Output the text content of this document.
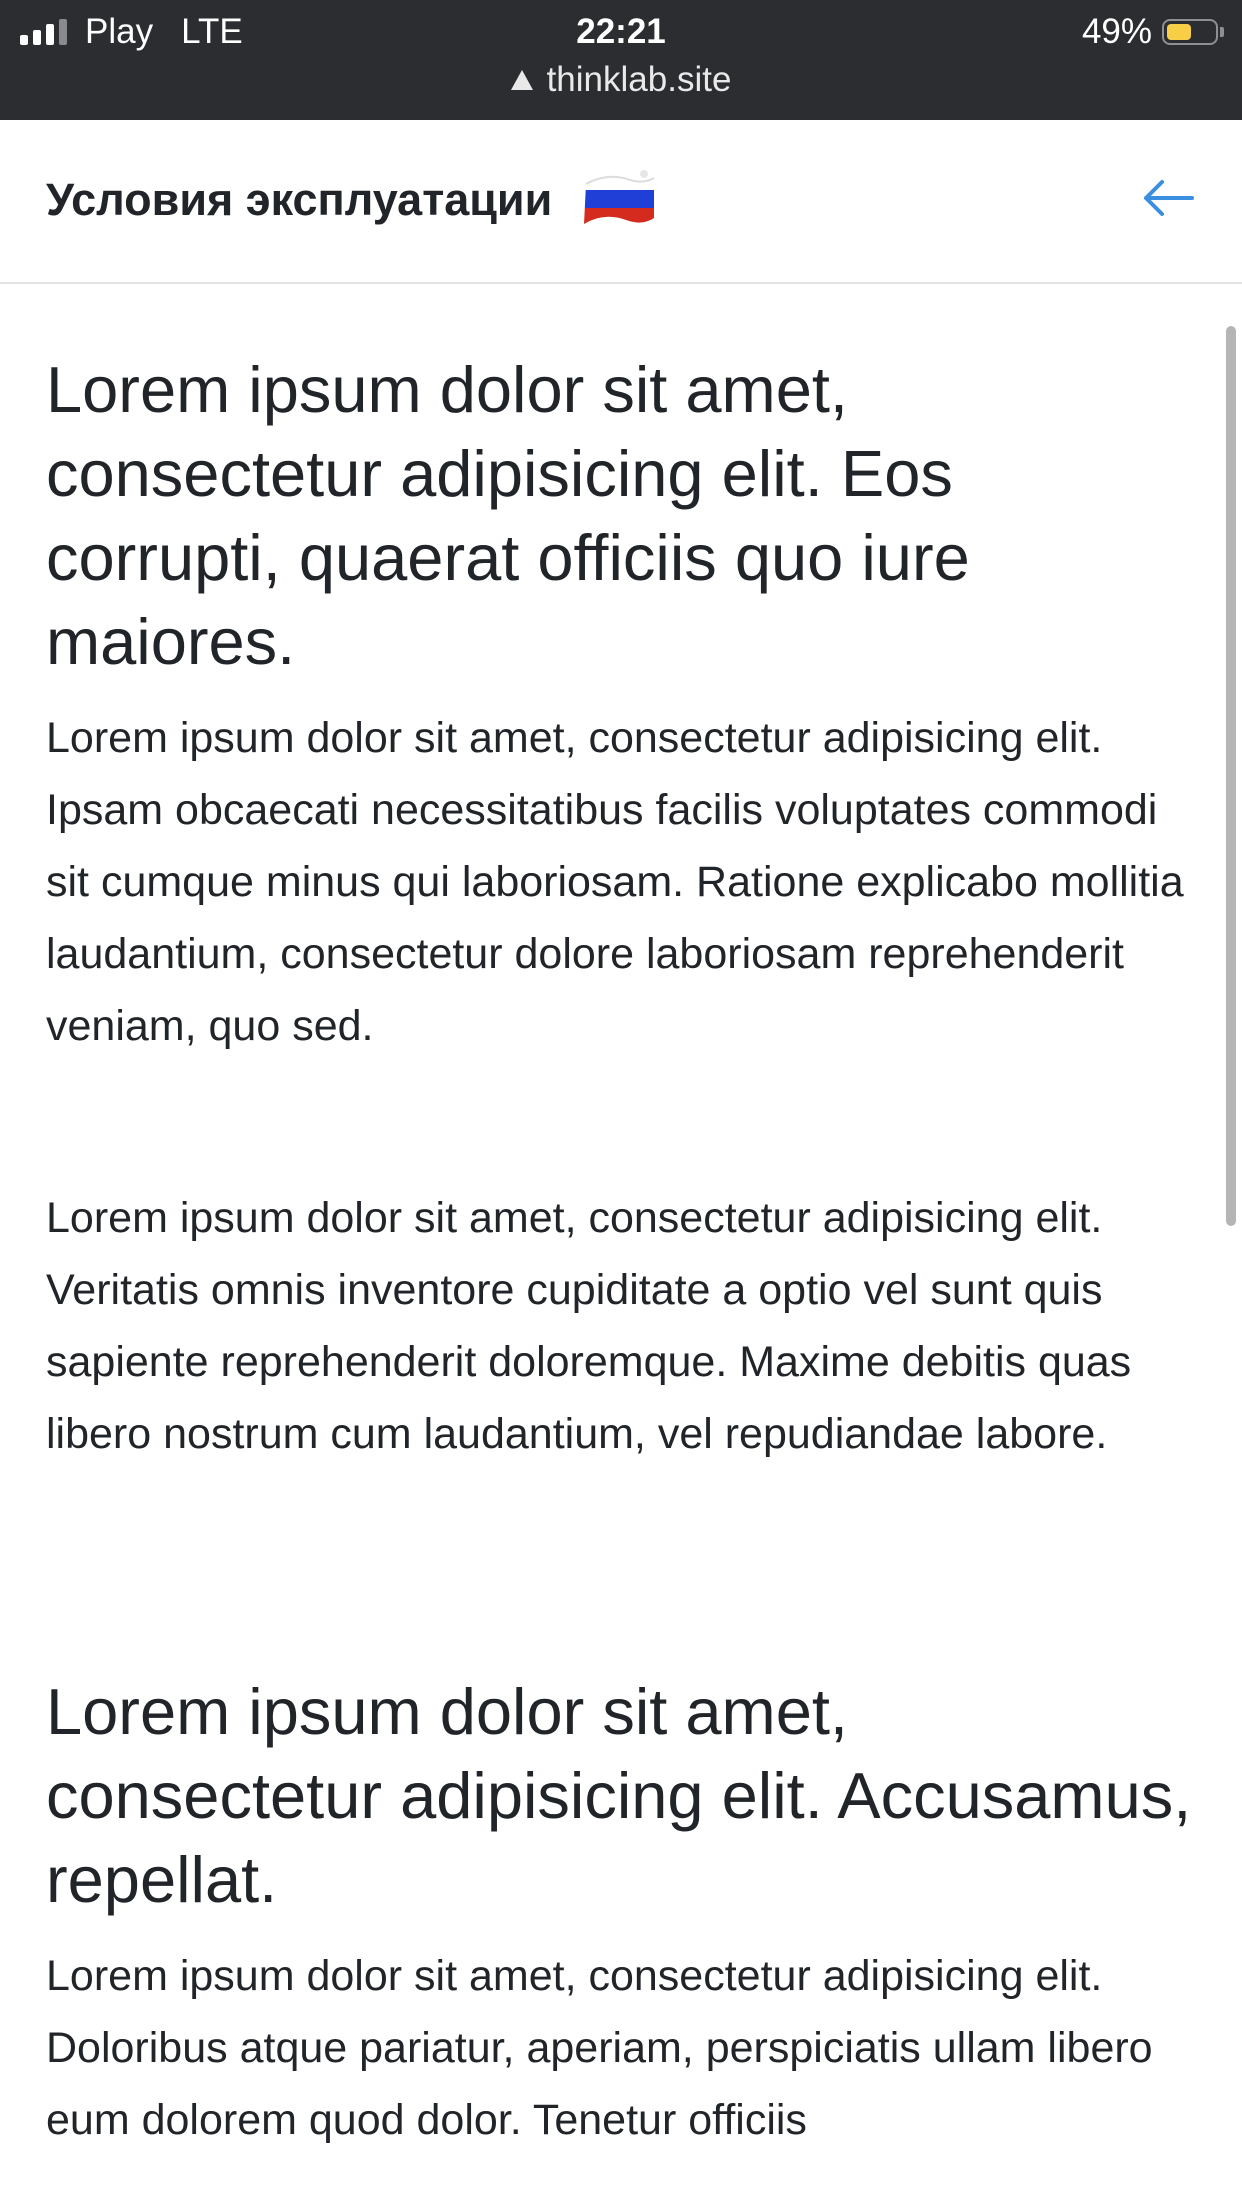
Play LTE	22:21	49%
thinklab.site
Условия эксплуатации
Lorem ipsum dolor sit amet, consectetur adipisicing elit. Eos corrupti, quaerat officiis quo iure maiores.

Lorem ipsum dolor sit amet, consectetur adipisicing elit. Ipsam obcaecati necessitatibus facilis voluptates commodi sit cumque minus qui laboriosam. Ratione explicabo mollitia laudantium, consectetur dolore laboriosam reprehenderit veniam, quo sed.

Lorem ipsum dolor sit amet, consectetur adipisicing elit. Veritatis omnis inventore cupiditate a optio vel sunt quis sapiente reprehenderit doloremque. Maxime debitis quas libero nostrum cum laudantium, vel repudiandae labore.

Lorem ipsum dolor sit amet, consectetur adipisicing elit. Accusamus, repellat.

Lorem ipsum dolor sit amet, consectetur adipisicing elit. Doloribus atque pariatur, aperiam, perspiciatis ullam libero eum dolorem quod dolor. Tenetur officiis
